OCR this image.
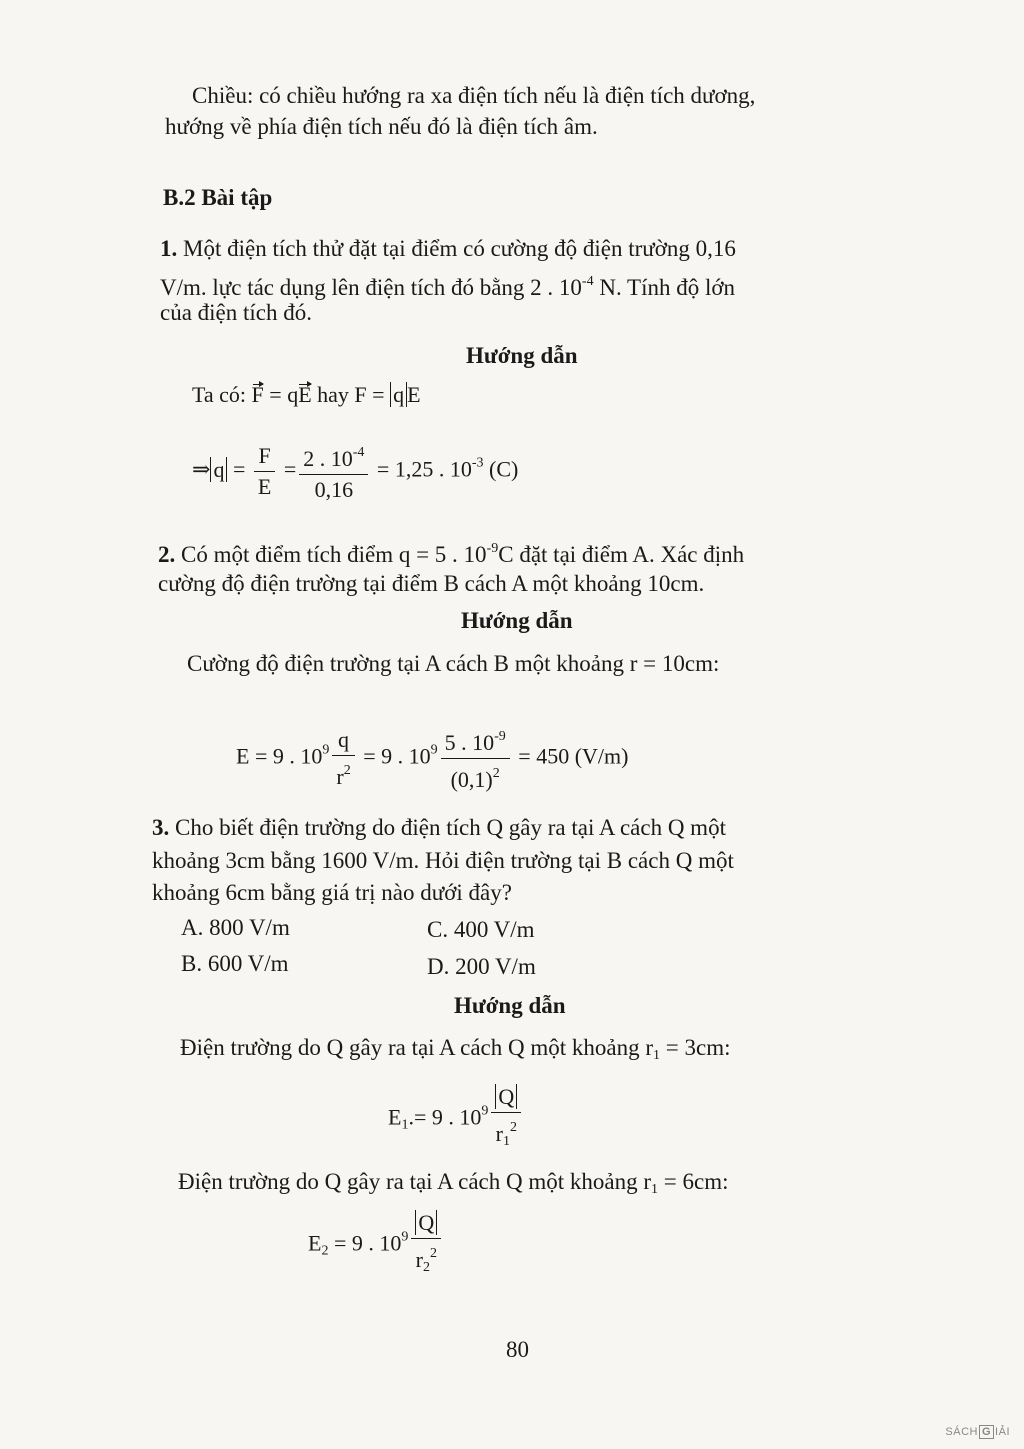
Chiều: có chiều hướng ra xa điện tích nếu là điện tích dương,
hướng về phía điện tích nếu đó là điện tích âm.
B.2 Bài tập
1. Một điện tích thử đặt tại điểm có cường độ điện trường 0,16
V/m. lực tác dụng lên điện tích đó bằng 2 . $10^{-4}$ N. Tính độ lớn
của điện tích đó.
Hướng dẫn
Ta có: F = qE hay F = q E
⇒ $q = \frac{F}{E} = \frac{2 . 10^{-4}}{0,16} = 1,25$ . $10^{-3}$ (C)
2. Có một điểm tích điểm q = 5 . $10^{-9}C$ đặt tại điểm A. Xác định
cường độ điện trường tại điểm B cách A một khoảng 10cm.
Hướng dẫn
Cường độ điện trường tại A cách B một khoảng r = 10cm:
E = 9 . $10^9 \frac{q}{r^2} = 9$ . $10^9 \frac{5 . 10^{-9}}{(0,1)^2} = 450$ (V/m)
3. Cho biết điện trường do điện tích Q gây ra tại A cách Q một
khoảng 3cm bằng 1600 V/m. Hỏi điện trường tại B cách Q một
khoảng 6cm bằng giá trị nào dưới đây?
A. 800 V/m	C. 400 V/m
B. 600 V/m	D. 200 V/m
Hướng dẫn
Điện trường do Q gây ra tại A cách Q một khoảng $r_1 = 3cm$:
$E_1.= 9$ . $10^9 \frac{Q}{r_1^2}$
Điện trường do Q gây ra tại A cách Q một khoảng $r_1 = 6cm$:
$E_2 = 9$ . $10^9 \frac{Q}{r_2^2}$
80
SÁCH G IẢI
